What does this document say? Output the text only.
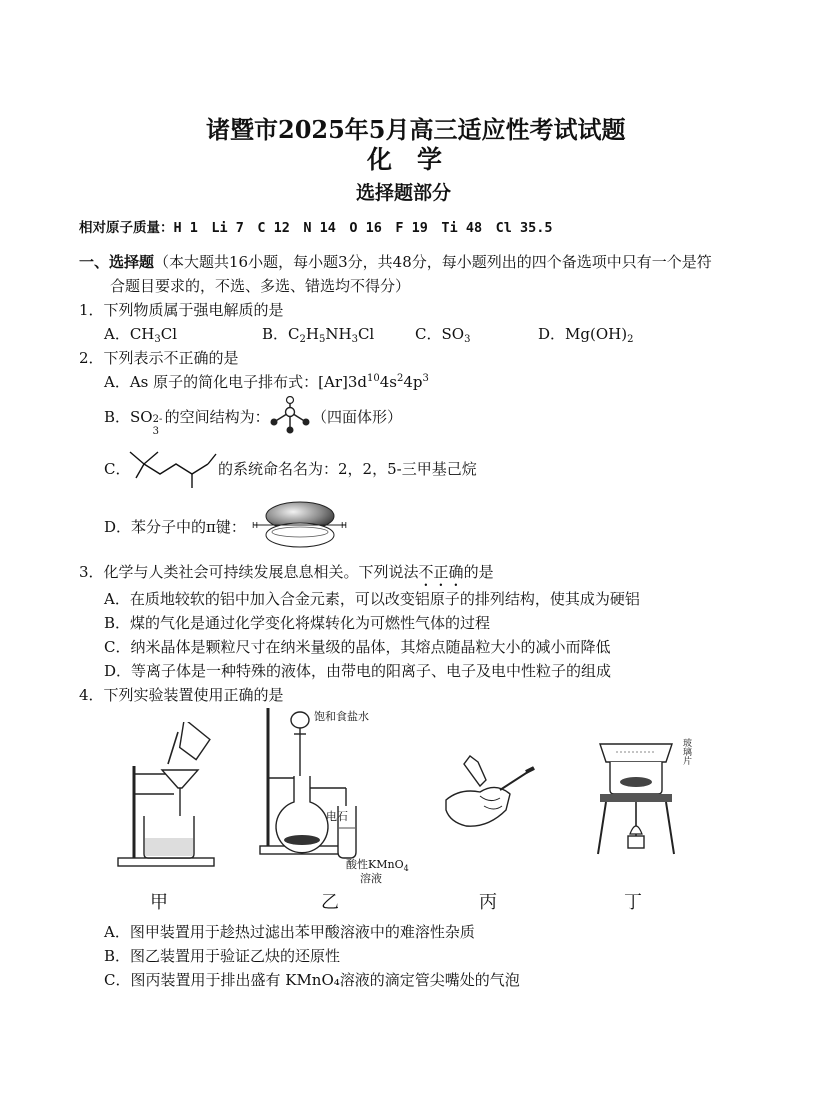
诸暨市2025年5月高三适应性考试试题
化　学
选择题部分
相对原子质量：H 1　Li 7　C 12　N 14　O 16　F 19　Ti 48　Cl 35.5
一、选择题（本大题共16小题，每小题3分，共48分，每小题列出的四个备选项中只有一个是符
合题目要求的，不选、多选、错选均不得分）
1．下列物质属于强电解质的是
A．$CH_3Cl$	B．$C_2H_5NH_3Cl$	C．$SO_3$	D．$Mg(OH)_2$
2．下列表示不正确的是
A．As 原子的简化电子排布式：$[Ar]3d^{10}4s^24p^3$
B．SO 2-
3
的空间结构为：	（四面体形）
C．	的系统命名名为：2，2，5-三甲基己烷
D．苯分子中的π键： H	H
3．化学与人类社会可持续发展息息相关。下列说法不正确的是
A．在质地较软的铝中加入合金元素，可以改变铝原子的排列结构，使其成为硬铝
B．煤的气化是通过化学变化将煤转化为可燃性气体的过程
C．纳米晶体是颗粒尺寸在纳米量级的晶体，其熔点随晶粒大小的减小而降低
D．等离子体是一种特殊的液体，由带电的阳离子、电子及电中性粒子的组成
4．下列实验装置使用正确的是
饱和食盐水
电石
酸性KMnO$_4$
溶液
玻璃片
甲	乙	丙	丁
A．图甲装置用于趁热过滤出苯甲酸溶液中的难溶性杂质
B．图乙装置用于验证乙炔的还原性
C．图丙装置用于排出盛有 KMnO₄溶液的滴定管尖嘴处的气泡
